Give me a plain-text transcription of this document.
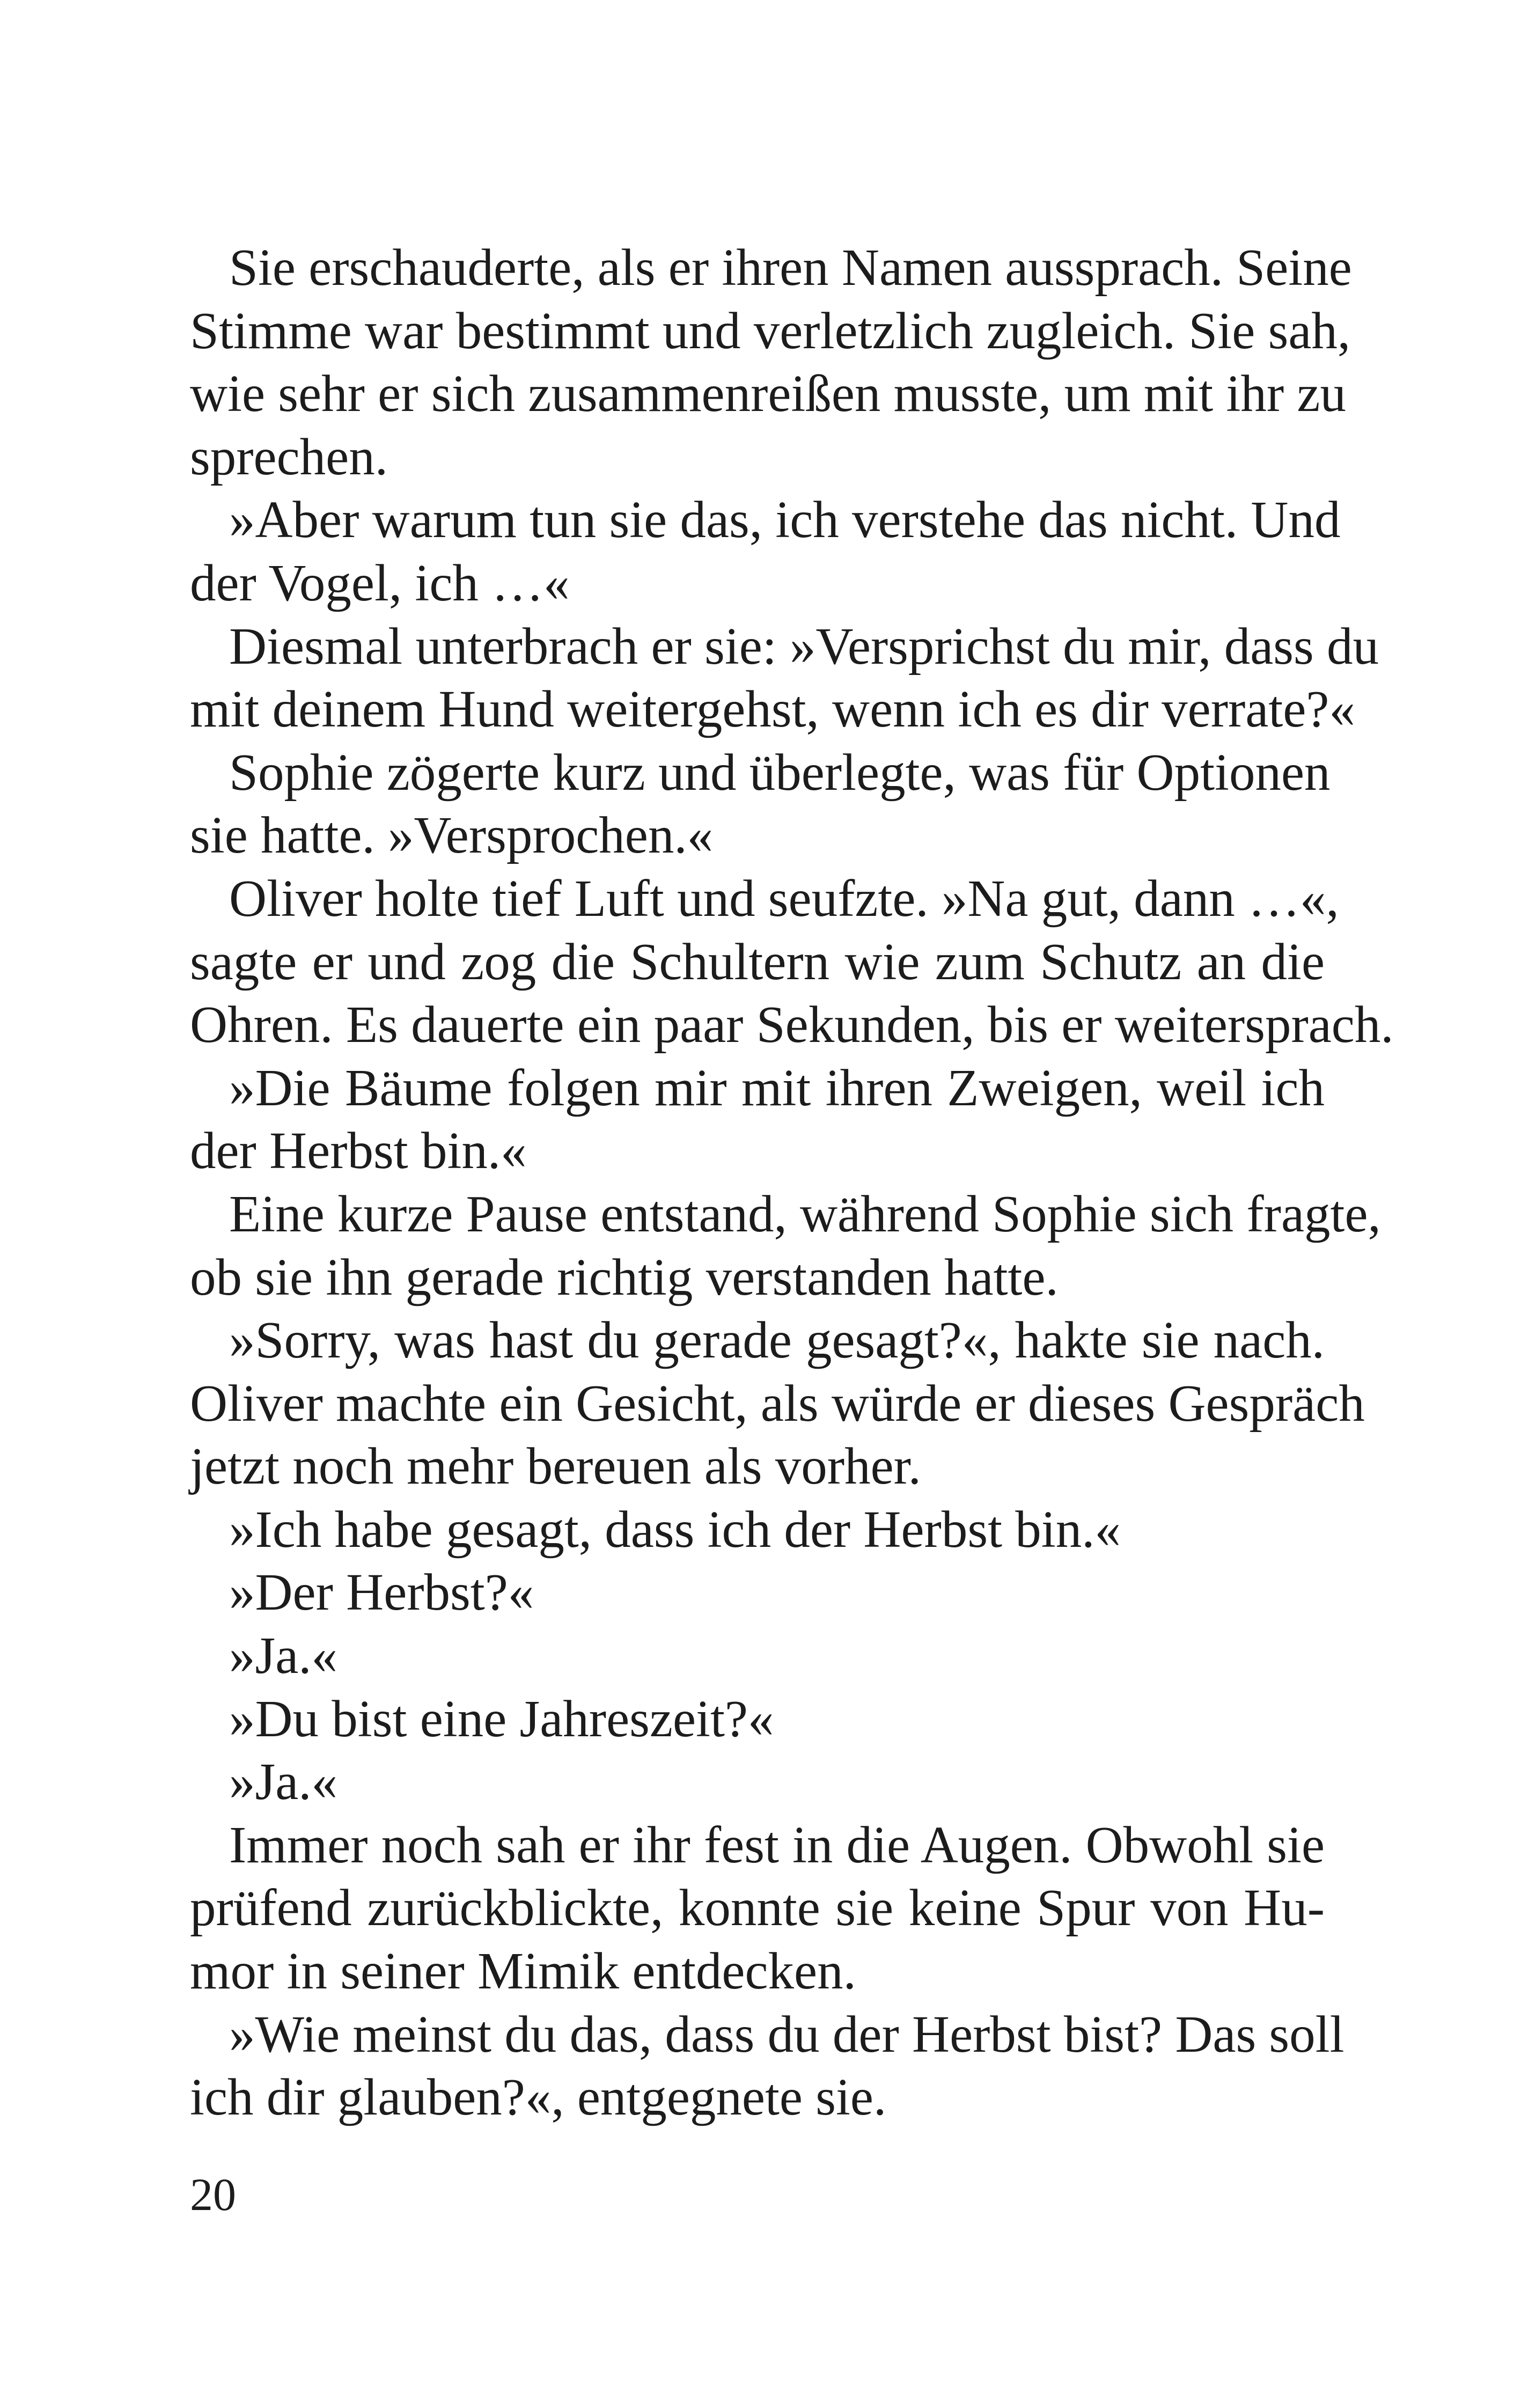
Sie erschauderte, als er ihren Namen aussprach. Seine
Stimme war bestimmt und verletzlich zugleich. Sie sah,
wie sehr er sich zusammenreißen musste, um mit ihr zu
sprechen.
»Aber warum tun sie das, ich verstehe das nicht. Und
der Vogel, ich …«
Diesmal unterbrach er sie: »Versprichst du mir, dass du
mit deinem Hund weitergehst, wenn ich es dir verrate?«
Sophie zögerte kurz und überlegte, was für Optionen
sie hatte. »Versprochen.«
Oliver holte tief Luft und seufzte. »Na gut, dann …«,
sagte er und zog die Schultern wie zum Schutz an die
Ohren. Es dauerte ein paar Sekunden, bis er weitersprach.
»Die Bäume folgen mir mit ihren Zweigen, weil ich
der Herbst bin.«
Eine kurze Pause entstand, während Sophie sich fragte,
ob sie ihn gerade richtig verstanden hatte.
»Sorry, was hast du gerade gesagt?«, hakte sie nach.
Oliver machte ein Gesicht, als würde er dieses Gespräch
jetzt noch mehr bereuen als vorher.
»Ich habe gesagt, dass ich der Herbst bin.«
»Der Herbst?«
»Ja.«
»Du bist eine Jahreszeit?«
»Ja.«
Immer noch sah er ihr fest in die Augen. Obwohl sie
prüfend zurückblickte, konnte sie keine Spur von Hu-
mor in seiner Mimik entdecken.
»Wie meinst du das, dass du der Herbst bist? Das soll
ich dir glauben?«, entgegnete sie.
20
